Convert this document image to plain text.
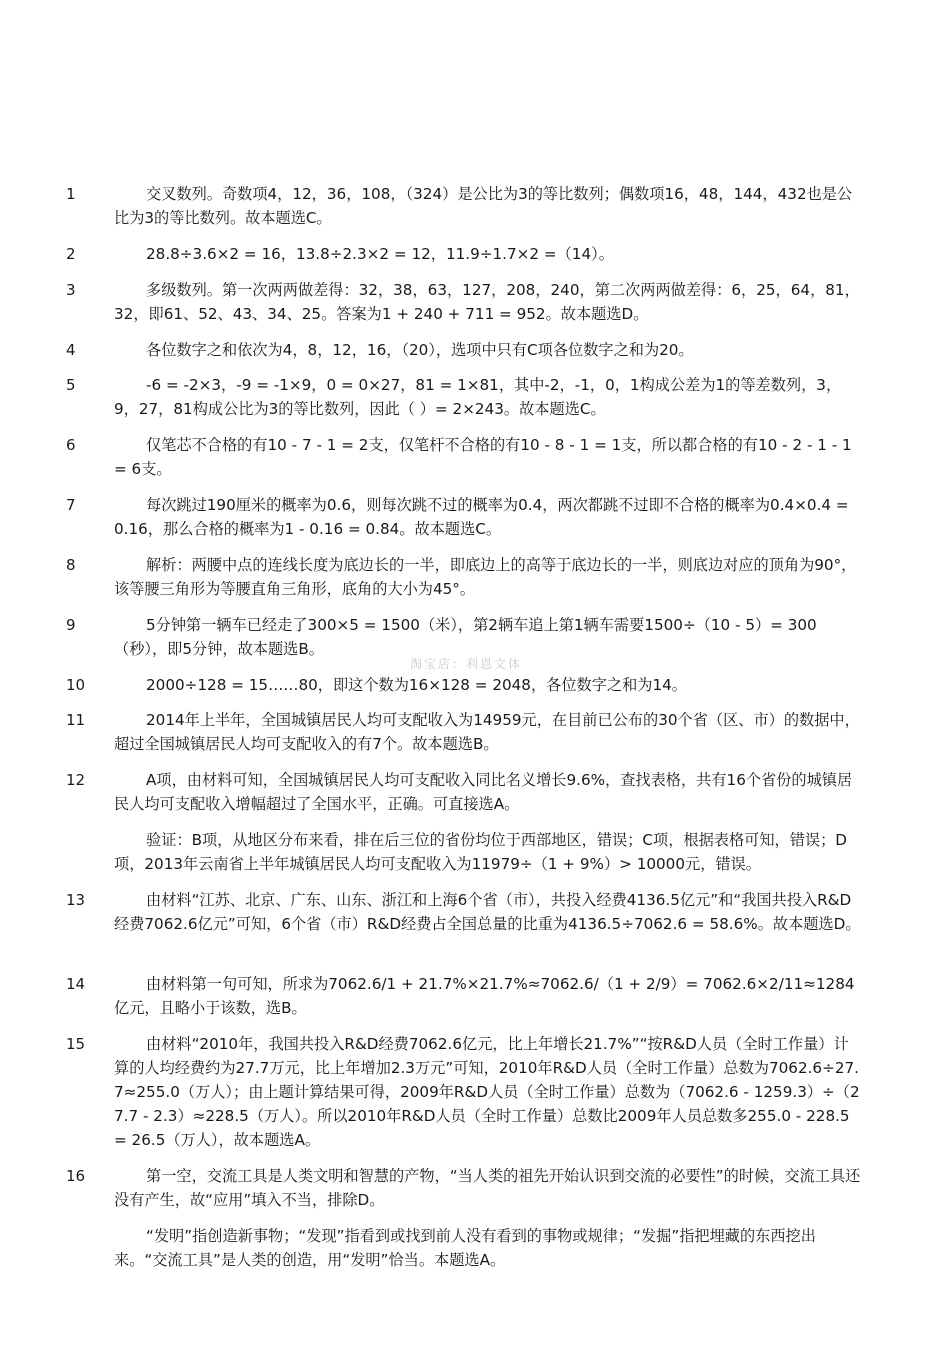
1	交叉数列。奇数项4，12，36，108，（324）是公比为3的等比数列；偶数项16，48，144，432也是公比为3的等比数列。故本题选C。

2	28.8÷3.6×2 = 16，13.8÷2.3×2 = 12，11.9÷1.7×2 =（14）。

3	多级数列。第一次两两做差得：32，38，63，127，208，240，第二次两两做差得：6，25，64，81，32，即61、52、43、34、25。答案为1 + 240 + 711 = 952。故本题选D。

4	各位数字之和依次为4，8，12，16，（20），选项中只有C项各位数字之和为20。

5	-6 = -2×3，-9 = -1×9，0 = 0×27，81 = 1×81，其中-2，-1，0，1构成公差为1的等差数列，3，9，27，81构成公比为3的等比数列，因此（ ）= 2×243。故本题选C。

6	仅笔芯不合格的有10 - 7 - 1 = 2支，仅笔杆不合格的有10 - 8 - 1 = 1支，所以都合格的有10 - 2 - 1 - 1 = 6支。

7	每次跳过190厘米的概率为0.6，则每次跳不过的概率为0.4，两次都跳不过即不合格的概率为0.4×0.4 = 0.16，那么合格的概率为1 - 0.16 = 0.84。故本题选C。

8	解析：两腰中点的连线长度为底边长的一半，即底边上的高等于底边长的一半，则底边对应的顶角为90°，该等腰三角形为等腰直角三角形，底角的大小为45°。

9	5分钟第一辆车已经走了300×5 = 1500（米），第2辆车追上第1辆车需要1500÷（10 - 5）= 300（秒），即5分钟，故本题选B。

10	2000÷128 = 15……80，即这个数为16×128 = 2048，各位数字之和为14。

11	2014年上半年，全国城镇居民人均可支配收入为14959元，在目前已公布的30个省（区、市）的数据中，超过全国城镇居民人均可支配收入的有7个。故本题选B。

12	A项，由材料可知，全国城镇居民人均可支配收入同比名义增长9.6%，查找表格，共有16个省份的城镇居民人均可支配收入增幅超过了全国水平，正确。可直接选A。

验证：B项，从地区分布来看，排在后三位的省份均位于西部地区，错误；C项，根据表格可知，错误；D项，2013年云南省上半年城镇居民人均可支配收入为11979÷（1 + 9%）> 10000元，错误。

13	由材料“江苏、北京、广东、山东、浙江和上海6个省（市），共投入经费4136.5亿元”和“我国共投入R&D经费7062.6亿元”可知，6个省（市）R&D经费占全国总量的比重为4136.5÷7062.6 = 58.6%。故本题选D。

14	由材料第一句可知，所求为7062.6/1 + 21.7%×21.7%≈7062.6/（1 + 2/9）= 7062.6×2/11≈1284亿元，且略小于该数，选B。

15	由材料“2010年，我国共投入R&D经费7062.6亿元，比上年增长21.7%”“按R&D人员（全时工作量）计算的人均经费约为27.7万元，比上年增加2.3万元”可知，2010年R&D人员（全时工作量）总数为7062.6÷27.7≈255.0（万人）；由上题计算结果可得，2009年R&D人员（全时工作量）总数为（7062.6 - 1259.3）÷（27.7 - 2.3）≈228.5（万人）。所以2010年R&D人员（全时工作量）总数比2009年人员总数多255.0 - 228.5 = 26.5（万人），故本题选A。

16	第一空，交流工具是人类文明和智慧的产物，“当人类的祖先开始认识到交流的必要性”的时候，交流工具还没有产生，故“应用”填入不当，排除D。

“发明”指创造新事物；“发现”指看到或找到前人没有看到的事物或规律；“发掘”指把埋藏的东西挖出来。“交流工具”是人类的创造，用“发明”恰当。本题选A。

淘宝店：利恩文体
